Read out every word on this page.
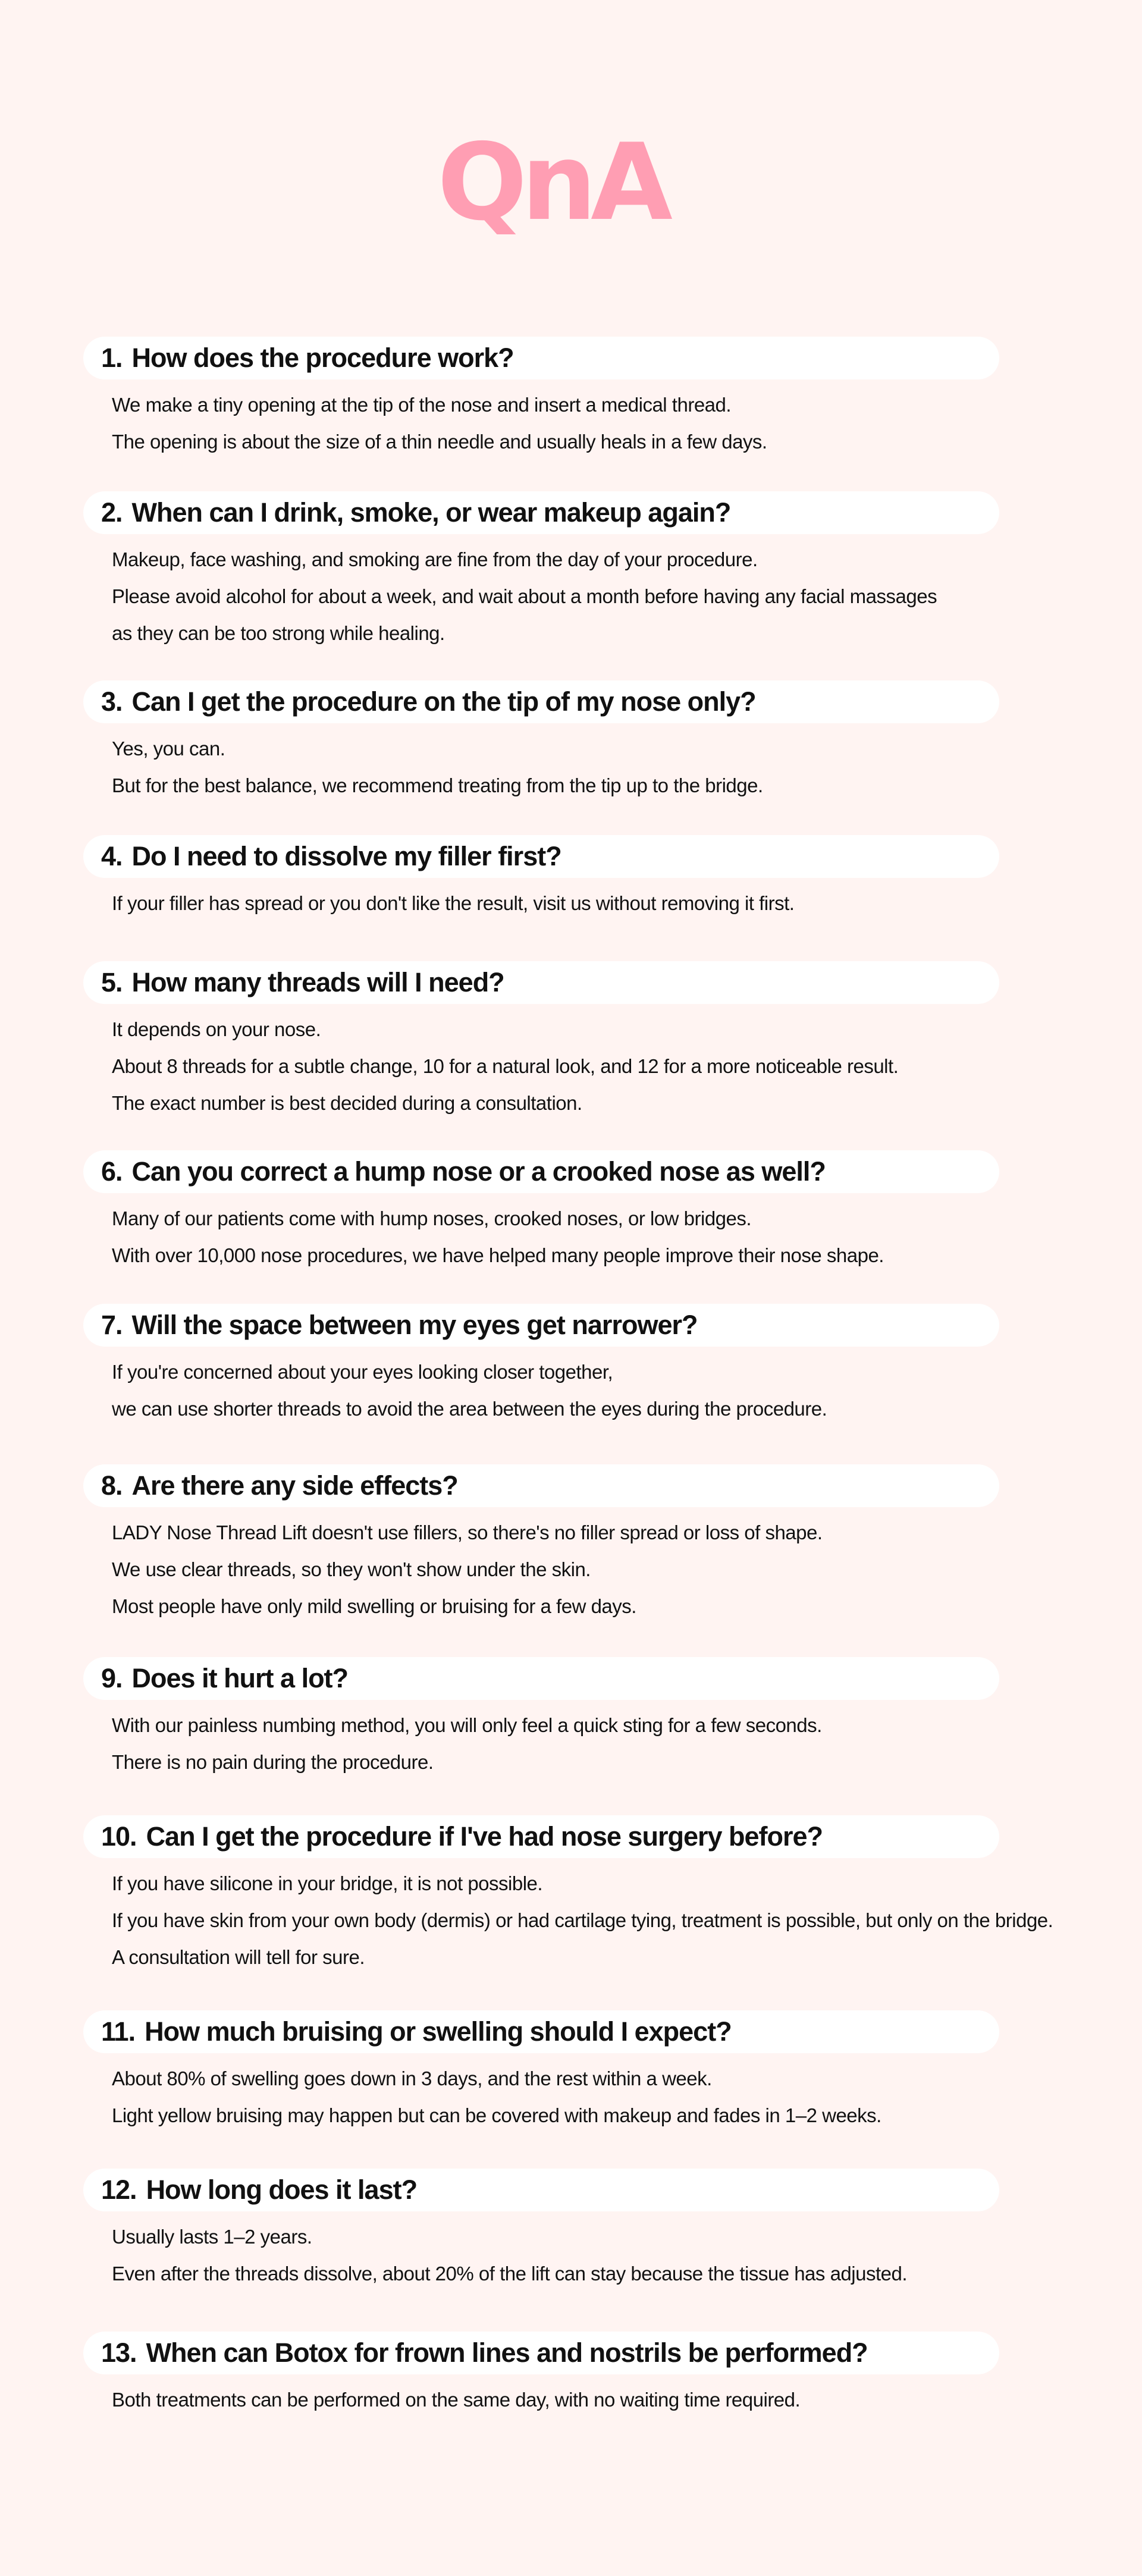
QnA
1. How does the procedure work?
We make a tiny opening at the tip of the nose and insert a medical thread.
The opening is about the size of a thin needle and usually heals in a few days.
2. When can I drink, smoke, or wear makeup again?
Makeup, face washing, and smoking are fine from the day of your procedure.
Please avoid alcohol for about a week, and wait about a month before having any facial massages
as they can be too strong while healing.
3. Can I get the procedure on the tip of my nose only?
Yes, you can.
But for the best balance, we recommend treating from the tip up to the bridge.
4. Do I need to dissolve my filler first?
If your filler has spread or you don't like the result, visit us without removing it first.
5. How many threads will I need?
It depends on your nose.
About 8 threads for a subtle change, 10 for a natural look, and 12 for a more noticeable result.
The exact number is best decided during a consultation.
6. Can you correct a hump nose or a crooked nose as well?
Many of our patients come with hump noses, crooked noses, or low bridges.
With over 10,000 nose procedures, we have helped many people improve their nose shape.
7. Will the space between my eyes get narrower?
If you're concerned about your eyes looking closer together,
we can use shorter threads to avoid the area between the eyes during the procedure.
8. Are there any side effects?
LADY Nose Thread Lift doesn't use fillers, so there's no filler spread or loss of shape.
We use clear threads, so they won't show under the skin.
Most people have only mild swelling or bruising for a few days.
9. Does it hurt a lot?
With our painless numbing method, you will only feel a quick sting for a few seconds.
There is no pain during the procedure.
10. Can I get the procedure if I've had nose surgery before?
If you have silicone in your bridge, it is not possible.
If you have skin from your own body (dermis) or had cartilage tying, treatment is possible, but only on the bridge.
A consultation will tell for sure.
11. How much bruising or swelling should I expect?
About 80% of swelling goes down in 3 days, and the rest within a week.
Light yellow bruising may happen but can be covered with makeup and fades in 1–2 weeks.
12. How long does it last?
Usually lasts 1–2 years.
Even after the threads dissolve, about 20% of the lift can stay because the tissue has adjusted.
13. When can Botox for frown lines and nostrils be performed?
Both treatments can be performed on the same day, with no waiting time required.
